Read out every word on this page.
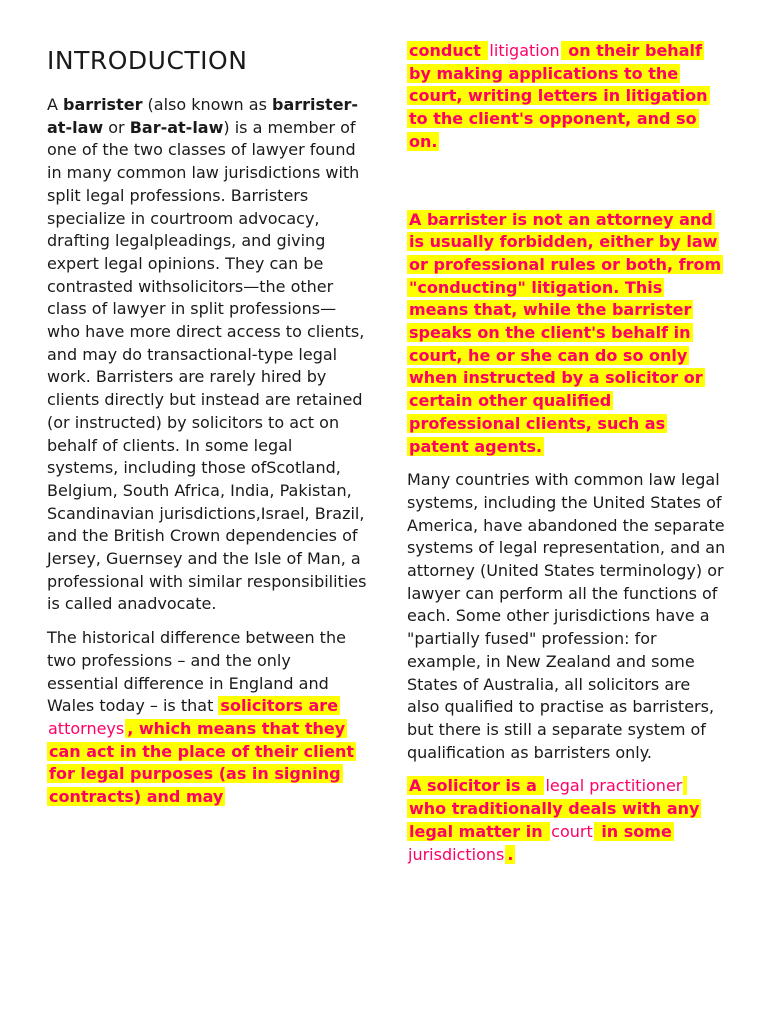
INTRODUCTION

A barrister (also known as barrister-at-law or Bar-at-law) is a member of one of the two classes of lawyer found in many common law jurisdictions with split legal professions. Barristers specialize in courtroom advocacy, drafting legalpleadings, and giving expert legal opinions. They can be contrasted withsolicitors—the other class of lawyer in split professions—who have more direct access to clients, and may do transactional-type legal work. Barristers are rarely hired by clients directly but instead are retained (or instructed) by solicitors to act on behalf of clients. In some legal systems, including those ofScotland, Belgium, South Africa, India, Pakistan, Scandinavian jurisdictions,Israel, Brazil, and the British Crown dependencies of Jersey, Guernsey and the Isle of Man, a professional with similar responsibilities is called anadvocate.

The historical difference between the two professions – and the only essential difference in England and Wales today – is that solicitors are attorneys , which means that they can act in the place of their client for legal purposes (as in signing contracts) and may

conduct litigation on their behalf by making applications to the court, writing letters in litigation to the client's opponent, and so on.

A barrister is not an attorney and is usually forbidden, either by law or professional rules or both, from "conducting" litigation. This means that, while the barrister speaks on the client's behalf in court, he or she can do so only when instructed by a solicitor or certain other qualified professional clients, such as patent agents.

Many countries with common law legal systems, including the United States of America, have abandoned the separate systems of legal representation, and an attorney (United States terminology) or lawyer can perform all the functions of each. Some other jurisdictions have a "partially fused" profession: for example, in New Zealand and some States of Australia, all solicitors are also qualified to practise as barristers, but there is still a separate system of qualification as barristers only.

A solicitor is a legal practitioner who traditionally deals with any legal matter in court in some jurisdictions .
